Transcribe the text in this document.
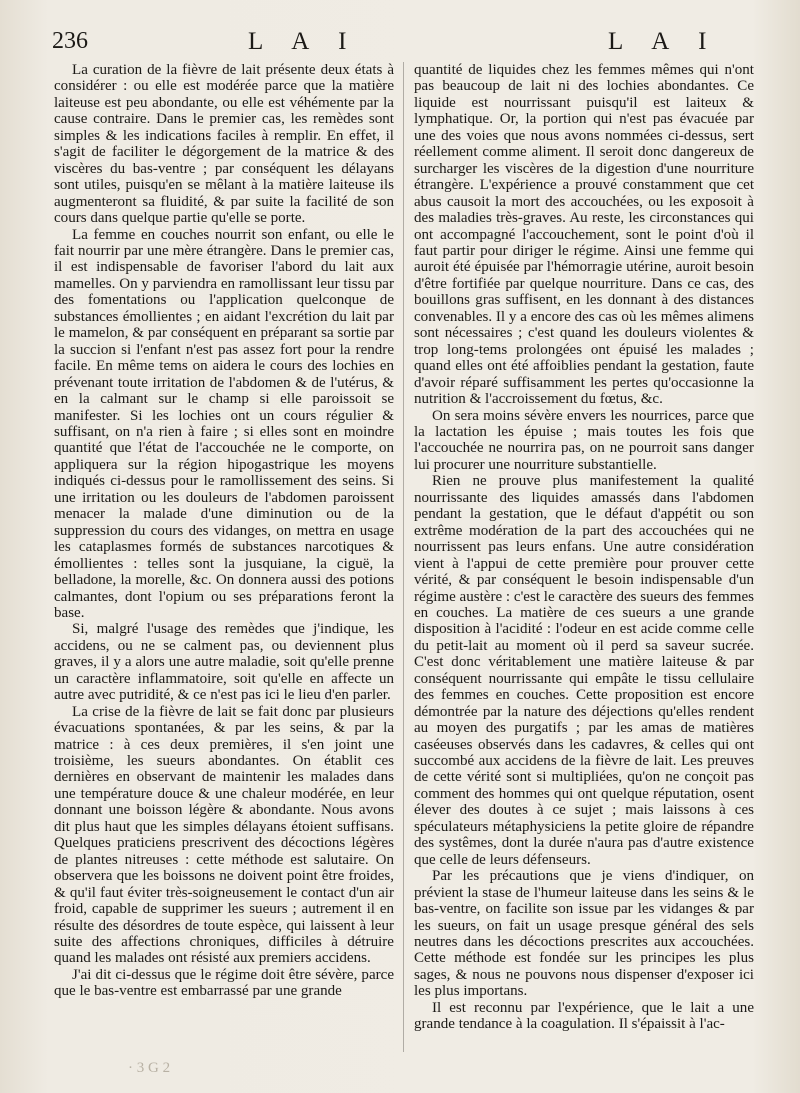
236	L A I	L A I

La curation de la fièvre de lait présente deux états à considérer : ou elle est modérée parce que la matière laiteuse est peu abondante, ou elle est véhémente par la cause contraire. Dans le premier cas, les remèdes sont simples & les indications faciles à remplir. En effet, il s'agit de faciliter le dégorgement de la matrice & des viscères du bas-ventre ; par conséquent les délayans sont utiles, puisqu'en se mêlant à la matière laiteuse ils augmenteront sa fluidité, & par suite la facilité de son cours dans quelque partie qu'elle se porte.

La femme en couches nourrit son enfant, ou elle le fait nourrir par une mère étrangère. Dans le premier cas, il est indispensable de favoriser l'abord du lait aux mamelles. On y parviendra en ramollissant leur tissu par des fomentations ou l'application quelconque de substances émollientes ; en aidant l'excrétion du lait par le mamelon, & par conséquent en préparant sa sortie par la succion si l'enfant n'est pas assez fort pour la rendre facile. En même tems on aidera le cours des lochies en prévenant toute irritation de l'abdomen & de l'utérus, & en la calmant sur le champ si elle paroissoit se manifester. Si les lochies ont un cours régulier & suffisant, on n'a rien à faire ; si elles sont en moindre quantité que l'état de l'accouchée ne le comporte, on appliquera sur la région hipogastrique les moyens indiqués ci-dessus pour le ramollissement des seins. Si une irritation ou les douleurs de l'abdomen paroissent menacer la malade d'une diminution ou de la suppression du cours des vidanges, on mettra en usage les cataplasmes formés de substances narcotiques & émollientes : telles sont la jusquiane, la ciguë, la belladone, la morelle, &c. On donnera aussi des potions calmantes, dont l'opium ou ses préparations feront la base.

Si, malgré l'usage des remèdes que j'indique, les accidens, ou ne se calment pas, ou deviennent plus graves, il y a alors une autre maladie, soit qu'elle prenne un caractère inflammatoire, soit qu'elle en affecte un autre avec putridité, & ce n'est pas ici le lieu d'en parler.

La crise de la fièvre de lait se fait donc par plusieurs évacuations spontanées, & par les seins, & par la matrice : à ces deux premières, il s'en joint une troisième, les sueurs abondantes. On établit ces dernières en observant de maintenir les malades dans une température douce & une chaleur modérée, en leur donnant une boisson légère & abondante. Nous avons dit plus haut que les simples délayans étoient suffisans. Quelques praticiens prescrivent des décoctions légères de plantes nitreuses : cette méthode est salutaire. On observera que les boissons ne doivent point être froides, & qu'il faut éviter très-soigneusement le contact d'un air froid, capable de supprimer les sueurs ; autrement il en résulte des désordres de toute espèce, qui laissent à leur suite des affections chroniques, difficiles à détruire quand les malades ont résisté aux premiers accidens.

J'ai dit ci-dessus que le régime doit être sévère, parce que le bas-ventre est embarrassé par une grande

quantité de liquides chez les femmes mêmes qui n'ont pas beaucoup de lait ni des lochies abondantes. Ce liquide est nourrissant puisqu'il est laiteux & lymphatique. Or, la portion qui n'est pas évacuée par une des voies que nous avons nommées ci-dessus, sert réellement comme aliment. Il seroit donc dangereux de surcharger les viscères de la digestion d'une nourriture étrangère. L'expérience a prouvé constamment que cet abus causoit la mort des accouchées, ou les exposoit à des maladies très-graves. Au reste, les circonstances qui ont accompagné l'accouchement, sont le point d'où il faut partir pour diriger le régime. Ainsi une femme qui auroit été épuisée par l'hémorragie utérine, auroit besoin d'être fortifiée par quelque nourriture. Dans ce cas, des bouillons gras suffisent, en les donnant à des distances convenables. Il y a encore des cas où les mêmes alimens sont nécessaires ; c'est quand les douleurs violentes & trop long-tems prolongées ont épuisé les malades ; quand elles ont été affoiblies pendant la gestation, faute d'avoir réparé suffisamment les pertes qu'occasionne la nutrition & l'accroissement du fœtus, &c.

On sera moins sévère envers les nourrices, parce que la lactation les épuise ; mais toutes les fois que l'accouchée ne nourrira pas, on ne pourroit sans danger lui procurer une nourriture substantielle.

Rien ne prouve plus manifestement la qualité nourrissante des liquides amassés dans l'abdomen pendant la gestation, que le défaut d'appétit ou son extrême modération de la part des accouchées qui ne nourrissent pas leurs enfans. Une autre considération vient à l'appui de cette première pour prouver cette vérité, & par conséquent le besoin indispensable d'un régime austère : c'est le caractère des sueurs des femmes en couches. La matière de ces sueurs a une grande disposition à l'acidité : l'odeur en est acide comme celle du petit-lait au moment où il perd sa saveur sucrée. C'est donc véritablement une matière laiteuse & par conséquent nourrissante qui empâte le tissu cellulaire des femmes en couches. Cette proposition est encore démontrée par la nature des déjections qu'elles rendent au moyen des purgatifs ; par les amas de matières caséeuses observés dans les cadavres, & celles qui ont succombé aux accidens de la fièvre de lait. Les preuves de cette vérité sont si multipliées, qu'on ne conçoit pas comment des hommes qui ont quelque réputation, osent élever des doutes à ce sujet ; mais laissons à ces spéculateurs métaphysiciens la petite gloire de répandre des systêmes, dont la durée n'aura pas d'autre existence que celle de leurs défenseurs.

Par les précautions que je viens d'indiquer, on prévient la stase de l'humeur laiteuse dans les seins & le bas-ventre, on facilite son issue par les vidanges & par les sueurs, on fait un usage presque général des sels neutres dans les décoctions prescrites aux accouchées. Cette méthode est fondée sur les principes les plus sages, & nous ne pouvons nous dispenser d'exposer ici les plus importans.

Il est reconnu par l'expérience, que le lait a une grande tendance à la coagulation. Il s'épaissit à l'ac-

· 3 G 2
